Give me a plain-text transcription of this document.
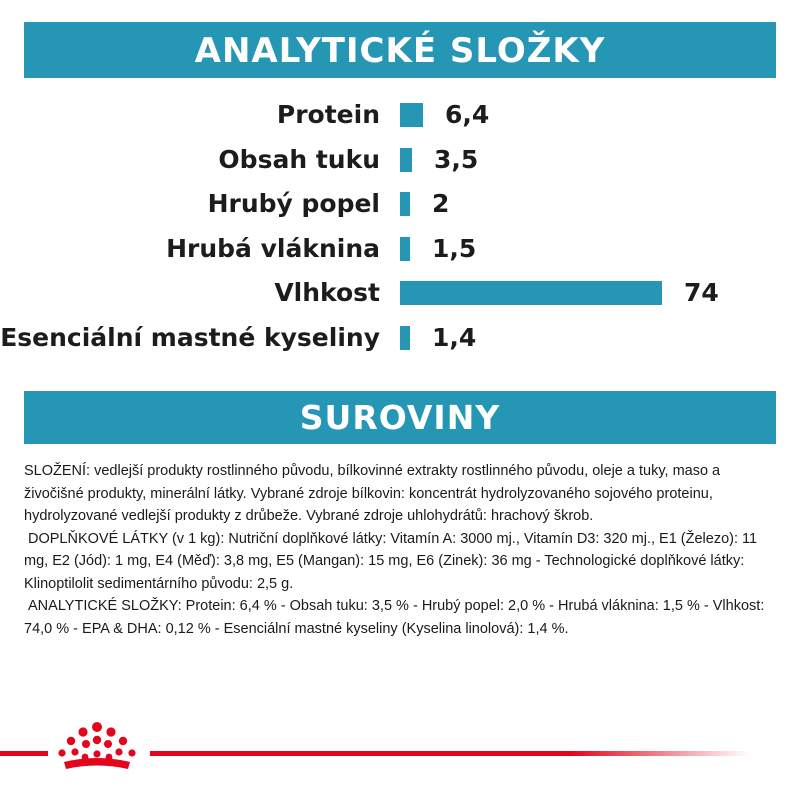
ANALYTICKÉ SLOŽKY
Protein	6,4
Obsah tuku 3,5
Hrubý popel 2
Hrubá vláknina 1,5
Vlhkost	74
Esenciální mastné kyseliny 1,4
SUROVINY

SLOŽENÍ: vedlejší produkty rostlinného původu, bílkovinné extrakty rostlinného původu, oleje a tuky, maso a živočišné produkty, minerální látky. Vybrané zdroje bílkovin: koncentrát hydrolyzovaného sojového proteinu, hydrolyzované vedlejší produkty z drůbeže. Vybrané zdroje uhlohydrátů: hrachový škrob.

DOPLŇKOVÉ LÁTKY (v 1 kg): Nutriční doplňkové látky: Vitamín A: 3000 mj., Vitamín D3: 320 mj., E1 (Železo): 11 mg, E2 (Jód): 1 mg, E4 (Měď): 3,8 mg, E5 (Mangan): 15 mg, E6 (Zinek): 36 mg - Technologické doplňkové látky: Klinoptilolit sedimentárního původu: 2,5 g.

ANALYTICKÉ SLOŽKY: Protein: 6,4 % - Obsah tuku: 3,5 % - Hrubý popel: 2,0 % - Hrubá vláknina: 1,5 % - Vlhkost: 74,0 % - EPA & DHA: 0,12 % - Esenciální mastné kyseliny (Kyselina linolová): 1,4 %.
